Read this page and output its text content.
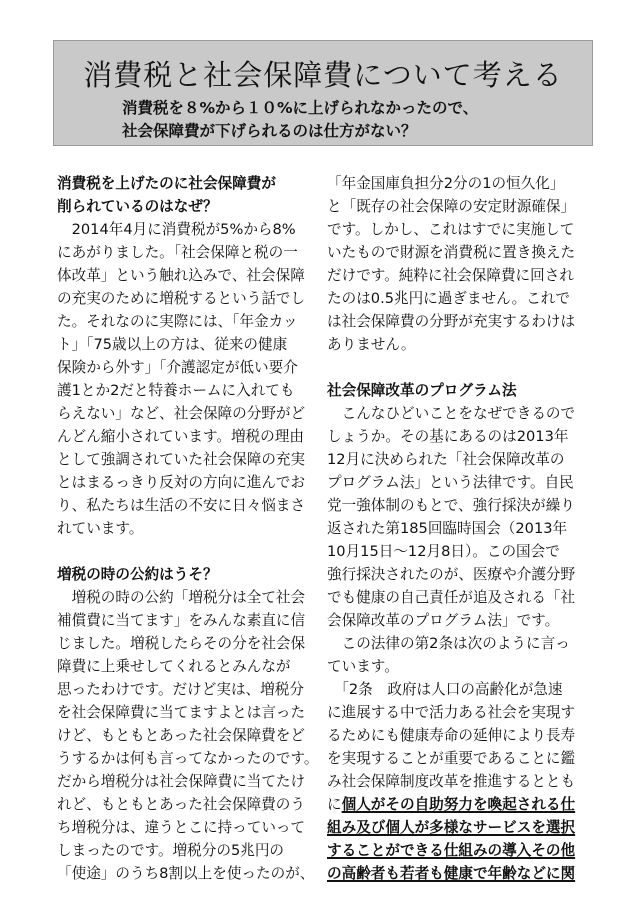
消費税と社会保障費について考える
消費税を８%から１０%に上げられなかったので、
社会保障費が下げられるのは仕方がない？
消費税を上げたのに社会保障費が
削られているのはなぜ？
　2014年4月に消費税が5%から8%
にあがりました。「社会保障と税の一
体改革」という触れ込みで、社会保障
の充実のために増税するという話でし
た。それなのに実際には、「年金カッ
ト」「75歳以上の方は、従来の健康
保険から外す」「介護認定が低い要介
護1とか2だと特養ホームに入れても
らえない」など、社会保障の分野がど
んどん縮小されています。増税の理由
として強調されていた社会保障の充実
とはまるっきり反対の方向に進んでお
り、私たちは生活の不安に日々悩まさ
れています。
増税の時の公約はうそ？
　増税の時の公約「増税分は全て社会
補償費に当てます」をみんな素直に信
じました。増税したらその分を社会保
障費に上乗せしてくれるとみんなが
思ったわけです。だけど実は、増税分
を社会保障費に当てますよとは言った
けど、もともとあった社会保障費をど
うするかは何も言ってなかったのです。
だから増税分は社会保障費に当てたけ
れど、もともとあった社会保障費のう
ち増税分は、違うとこに持っていって
しまったのです。増税分の5兆円の
「使途」のうち8割以上を使ったのが、
「年金国庫負担分2分の1の恒久化」
と「既存の社会保障の安定財源確保」
です。しかし、これはすでに実施して
いたもので財源を消費税に置き換えた
だけです。純粋に社会保障費に回され
たのは0.5兆円に過ぎません。これで
は社会保障費の分野が充実するわけは
ありません。
社会保障改革のプログラム法
　こんなひどいことをなぜできるので
しょうか。その基にあるのは2013年
12月に決められた「社会保障改革の
プログラム法」という法律です。自民
党一強体制のもとで、強行採決が繰り
返された第185回臨時国会（2013年
10月15日～12月8日）。この国会で
強行採決されたのが、医療や介護分野
でも健康の自己責任が追及される「社
会保障改革のプログラム法」です。
　この法律の第2条は次のように言っ
ています。
　「2条　政府は人口の高齢化が急速
に進展する中で活力ある社会を実現す
るためにも健康寿命の延伸により長寿
を実現することが重要であることに鑑
み社会保障制度改革を推進するととも
に個人がその自助努力を喚起される仕
組み及び個人が多様なサービスを選択
することができる仕組みの導入その他
の高齢者も若者も健康で年齢などに関
